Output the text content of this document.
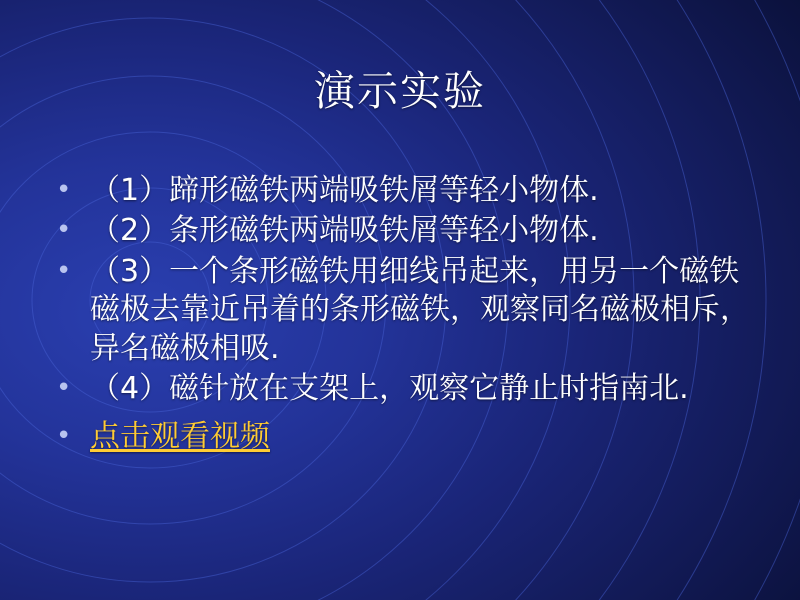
演示实验
• （1）蹄形磁铁两端吸铁屑等轻小物体.
• （2）条形磁铁两端吸铁屑等轻小物体.
• （3）一个条形磁铁用细线吊起来，用另一个磁铁磁极去靠近吊着的条形磁铁，观察同名磁极相斥，异名磁极相吸.
• （4）磁针放在支架上，观察它静止时指南北.
• 点击观看视频
